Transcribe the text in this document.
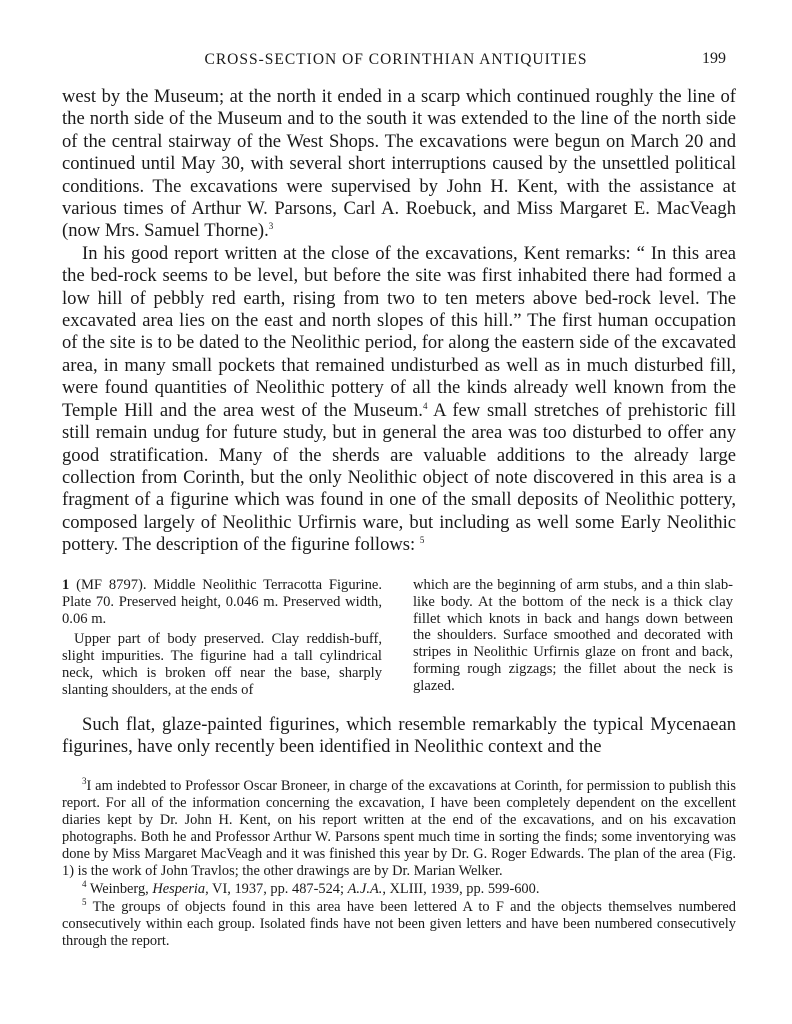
CROSS-SECTION OF CORINTHIAN ANTIQUITIES	199

west by the Museum; at the north it ended in a scarp which continued roughly the line of the north side of the Museum and to the south it was extended to the line of the north side of the central stairway of the West Shops. The excavations were begun on March 20 and continued until May 30, with several short interruptions caused by the unsettled political conditions. The excavations were supervised by John H. Kent, with the assistance at various times of Arthur W. Parsons, Carl A. Roebuck, and Miss Margaret E. MacVeagh (now Mrs. Samuel Thorne).$^3$

In his good report written at the close of the excavations, Kent remarks: “ In this area the bed-rock seems to be level, but before the site was first inhabited there had formed a low hill of pebbly red earth, rising from two to ten meters above bed-rock level. The excavated area lies on the east and north slopes of this hill.” The first human occupation of the site is to be dated to the Neolithic period, for along the eastern side of the excavated area, in many small pockets that remained undisturbed as well as in much disturbed fill, were found quantities of Neolithic pottery of all the kinds already well known from the Temple Hill and the area west of the Museum.$^4$ A few small stretches of prehistoric fill still remain undug for future study, but in general the area was too disturbed to offer any good stratification. Many of the sherds are valuable additions to the already large collection from Corinth, but the only Neolithic object of note discovered in this area is a fragment of a figurine which was found in one of the small deposits of Neolithic pottery, composed largely of Neolithic Urfirnis ware, but including as well some Early Neolithic pottery. The description of the figurine follows: $^5$

1 (MF 8797). Middle Neolithic Terracotta Figurine. Plate 70. Preserved height, 0.046 m. Preserved width, 0.06 m.

Upper part of body preserved. Clay reddish-buff, slight impurities. The figurine had a tall cylindrical neck, which is broken off near the base, sharply slanting shoulders, at the ends of

which are the beginning of arm stubs, and a thin slab-like body. At the bottom of the neck is a thick clay fillet which knots in back and hangs down between the shoulders. Surface smoothed and decorated with stripes in Neolithic Urfirnis glaze on front and back, forming rough zigzags; the fillet about the neck is glazed.

Such flat, glaze-painted figurines, which resemble remarkably the typical Mycenaean figurines, have only recently been identified in Neolithic context and the

$^3$I am indebted to Professor Oscar Broneer, in charge of the excavations at Corinth, for permission to publish this report. For all of the information concerning the excavation, I have been completely dependent on the excellent diaries kept by Dr. John H. Kent, on his report written at the end of the excavations, and on his excavation photographs. Both he and Professor Arthur W. Parsons spent much time in sorting the finds; some inventorying was done by Miss Margaret MacVeagh and it was finished this year by Dr. G. Roger Edwards. The plan of the area (Fig. 1) is the work of John Travlos; the other drawings are by Dr. Marian Welker.

$^4$ Weinberg, Hesperia, VI, 1937, pp. 487-524; A.J.A., XLIII, 1939, pp. 599-600.

$^5$ The groups of objects found in this area have been lettered A to F and the objects themselves numbered consecutively within each group. Isolated finds have not been given letters and have been numbered consecutively through the report.
